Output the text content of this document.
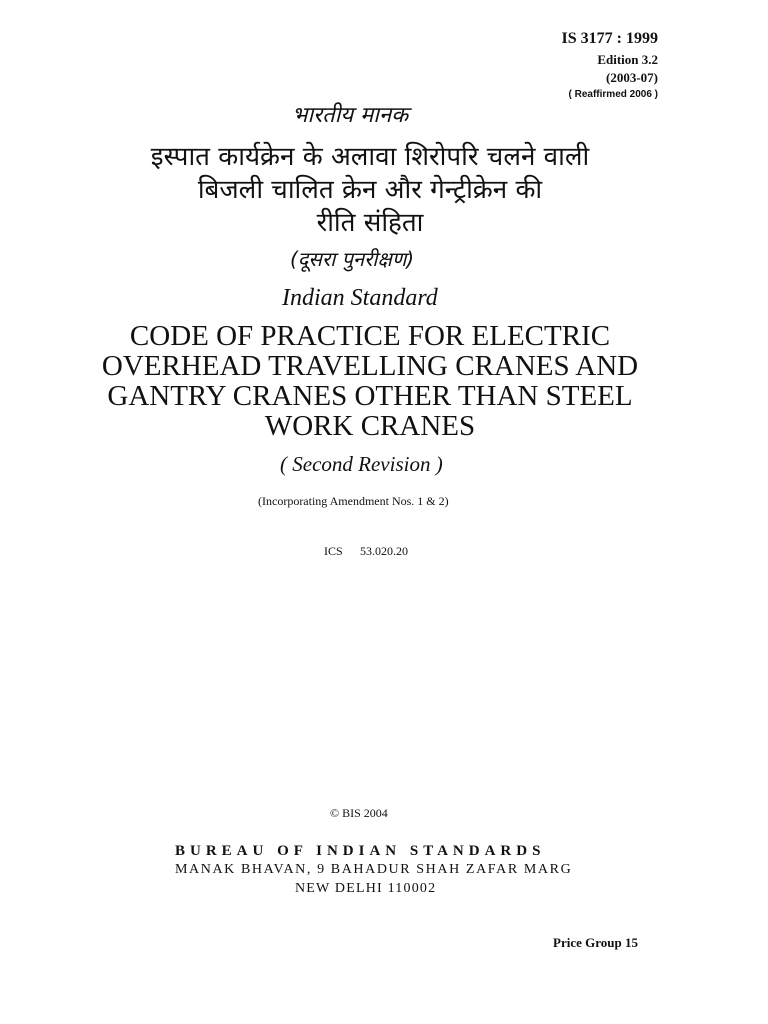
IS 3177 : 1999
Edition 3.2
(2003-07)
( Reaffirmed 2006 )
भारतीय मानक
इस्पात कार्यक्रेन के अलावा शिरोपरि चलने वाली
बिजली चालित क्रेन और गेन्ट्रीक्रेन की
रीति संहिता
(दूसरा पुनरीक्षण)
Indian Standard
CODE OF PRACTICE FOR ELECTRIC
OVERHEAD TRAVELLING CRANES AND
GANTRY CRANES OTHER THAN STEEL
WORK CRANES
( Second Revision )
(Incorporating Amendment Nos. 1 & 2)
ICS 53.020.20
© BIS 2004
BUREAU OF INDIAN STANDARDS
MANAK BHAVAN, 9 BAHADUR SHAH ZAFAR MARG
NEW DELHI 110002
Price Group 15
